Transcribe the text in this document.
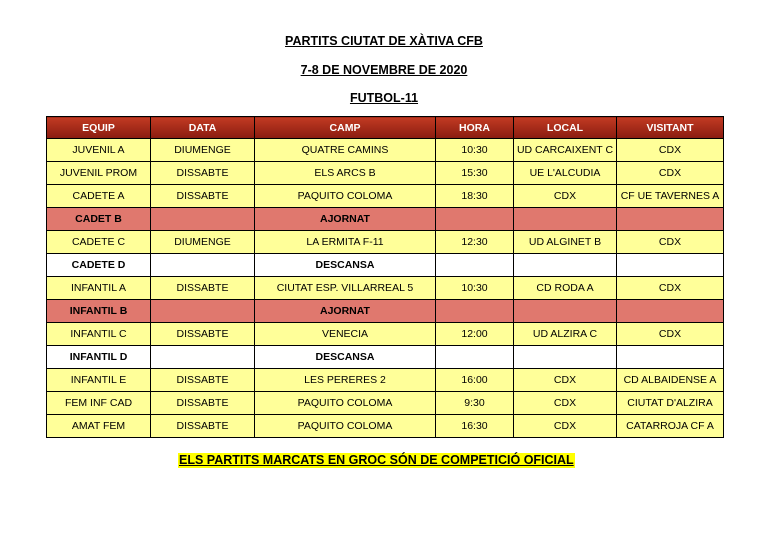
PARTITS CIUTAT DE XÀTIVA CFB
7-8 DE NOVEMBRE DE 2020
FUTBOL-11
EQUIP	DATA	CAMP	HORA	LOCAL	VISITANT
JUVENIL A	DIUMENGE	QUATRE CAMINS	10:30	UD CARCAIXENT C	CDX
JUVENIL PROM	DISSABTE	ELS ARCS B	15:30	UE L'ALCUDIA	CDX
CADETE A	DISSABTE	PAQUITO COLOMA	18:30	CDX	CF UE TAVERNES A
CADET B		AJORNAT			
CADETE C	DIUMENGE	LA ERMITA F-11	12:30	UD ALGINET B	CDX
CADETE D		DESCANSA			
INFANTIL A	DISSABTE	CIUTAT ESP. VILLARREAL 5	10:30	CD RODA A	CDX
INFANTIL B		AJORNAT			
INFANTIL C	DISSABTE	VENECIA	12:00	UD ALZIRA C	CDX
INFANTIL D		DESCANSA			
INFANTIL E	DISSABTE	LES PERERES 2	16:00	CDX	CD ALBAIDENSE A
FEM INF CAD	DISSABTE	PAQUITO COLOMA	9:30	CDX	CIUTAT D'ALZIRA
AMAT FEM	DISSABTE	PAQUITO COLOMA	16:30	CDX	CATARROJA CF A
ELS PARTITS MARCATS EN GROC SÓN DE COMPETICIÓ OFICIAL
